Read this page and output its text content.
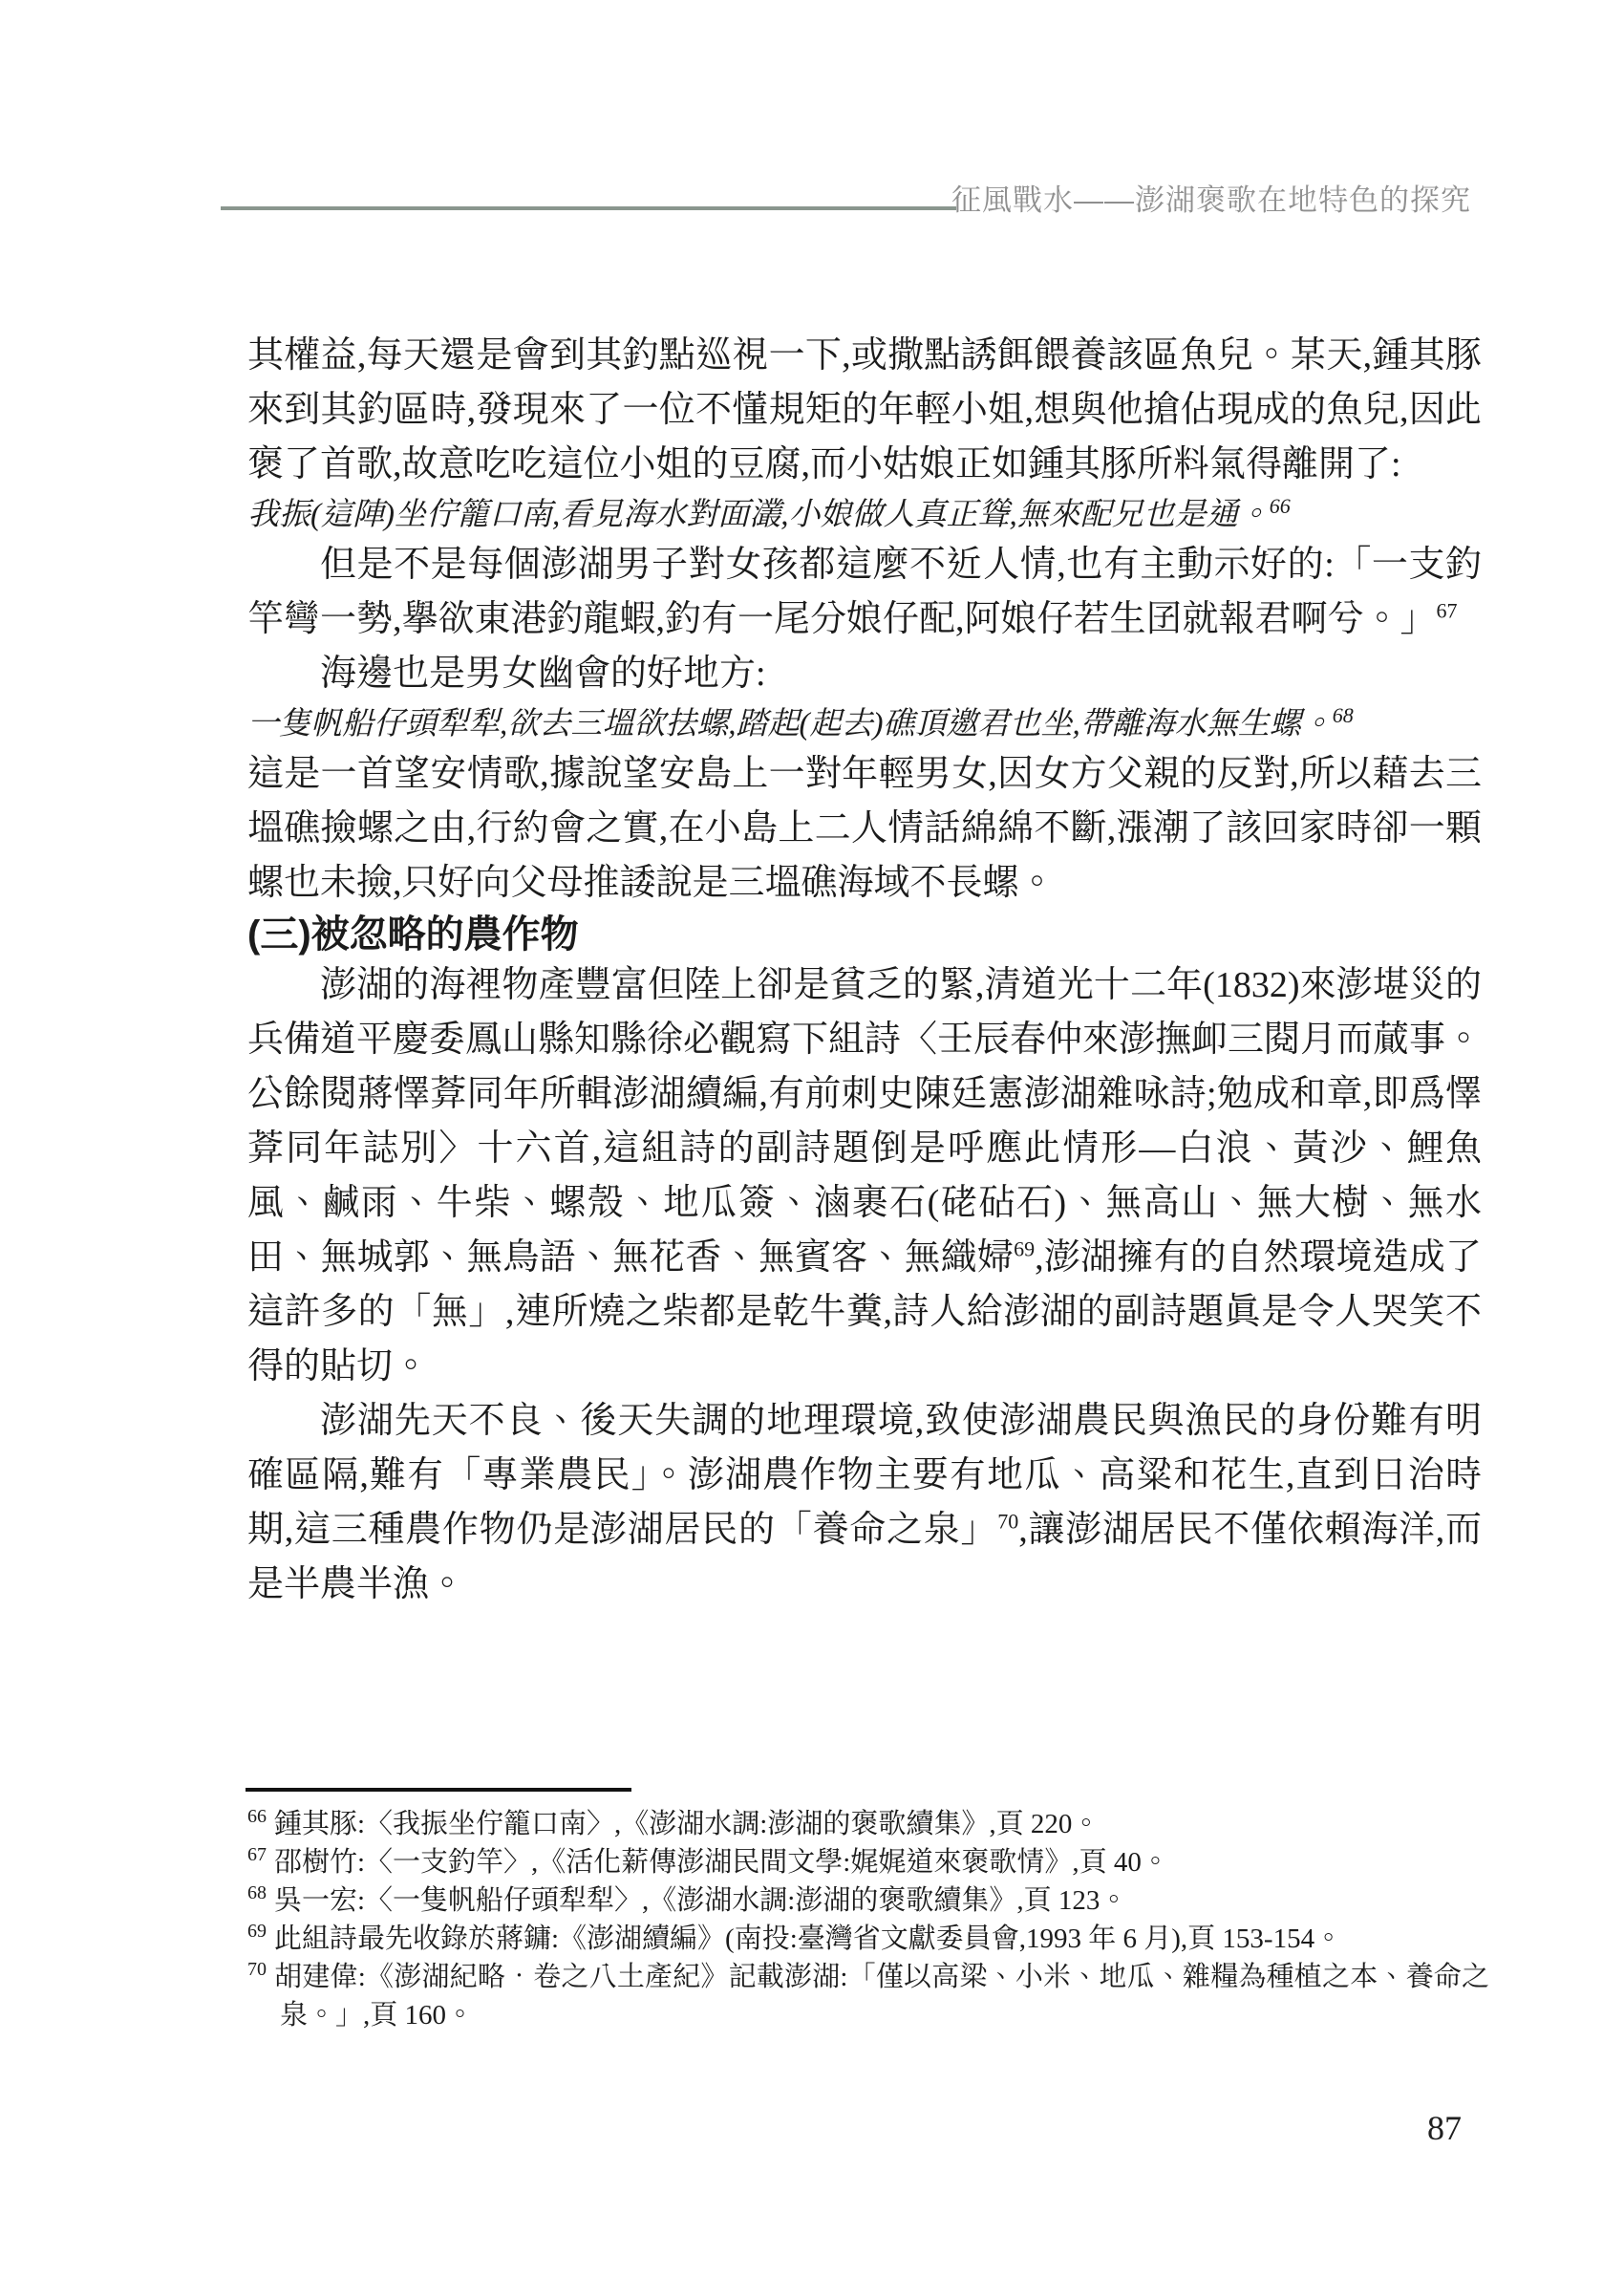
征風戰水——澎湖褒歌在地特色的探究

其權益,每天還是會到其釣點巡視一下,或撒點誘餌餵養該區魚兒。某天,鍾其豚來到其釣區時,發現來了一位不懂規矩的年輕小姐,想與他搶佔現成的魚兒,因此褒了首歌,故意吃吃這位小姐的豆腐,而小姑娘正如鍾其豚所料氣得離開了:

我振(這陣)坐佇籠口南,看見海水對面灇,小娘做人真正聳,無來配兄也是通。$^{66}$

但是不是每個澎湖男子對女孩都這麼不近人情,也有主動示好的:「一支釣竿彎一勢,擧欲東港釣龍蝦,釣有一尾分娘仔配,阿娘仔若生囝就報君啊兮。」$^{67}$

海邊也是男女幽會的好地方:

一隻帆船仔頭犁犁,欲去三塭欲抾螺,踏起(起去)礁頂邀君也坐,帶離海水無生螺。$^{68}$

這是一首望安情歌,據說望安島上一對年輕男女,因女方父親的反對,所以藉去三塭礁撿螺之由,行約會之實,在小島上二人情話綿綿不斷,漲潮了該回家時卻一顆螺也未撿,只好向父母推諉說是三塭礁海域不長螺。

(三)被忽略的農作物

澎湖的海裡物產豐富但陸上卻是貧乏的緊,清道光十二年(1832)來澎堪災的兵備道平慶委鳳山縣知縣徐必觀寫下組詩〈壬辰春仲來澎撫卹三閱月而蕆事。公餘閱蔣懌葊同年所輯澎湖續編,有前刺史陳廷憲澎湖雜咏詩;勉成和章,即爲懌葊同年誌別〉十六首,這組詩的副詩題倒是呼應此情形—白浪、黃沙、鯉魚風、鹹雨、牛柴、螺殼、地瓜簽、滷裹石(硓砧石)、無高山、無大樹、無水田、無城郭、無鳥語、無花香、無賓客、無織婦$^{69}$,澎湖擁有的自然環境造成了這許多的「無」,連所燒之柴都是乾牛糞,詩人給澎湖的副詩題眞是令人哭笑不得的貼切。

澎湖先天不良、後天失調的地理環境,致使澎湖農民與漁民的身份難有明確區隔,難有「專業農民」。澎湖農作物主要有地瓜、高粱和花生,直到日治時期,這三種農作物仍是澎湖居民的「養命之泉」$^{70}$,讓澎湖居民不僅依賴海洋,而是半農半漁。

$^{66}$ 鍾其豚:〈我振坐佇籠口南〉,《澎湖水調:澎湖的褒歌續集》,頁 220。

$^{67}$ 邵樹竹:〈一支釣竿〉,《活化薪傳澎湖民間文學:娓娓道來褒歌情》,頁 40。

$^{68}$ 吳一宏:〈一隻帆船仔頭犁犁〉,《澎湖水調:澎湖的褒歌續集》,頁 123。

$^{69}$ 此組詩最先收錄於蔣鏞:《澎湖續編》(南投:臺灣省文獻委員會,1993 年 6 月),頁 153-154。

$^{70}$ 胡建偉:《澎湖紀略‧卷之八土產紀》記載澎湖:「僅以高梁、小米、地瓜、雜糧為種植之本、養命之泉。」,頁 160。

87
